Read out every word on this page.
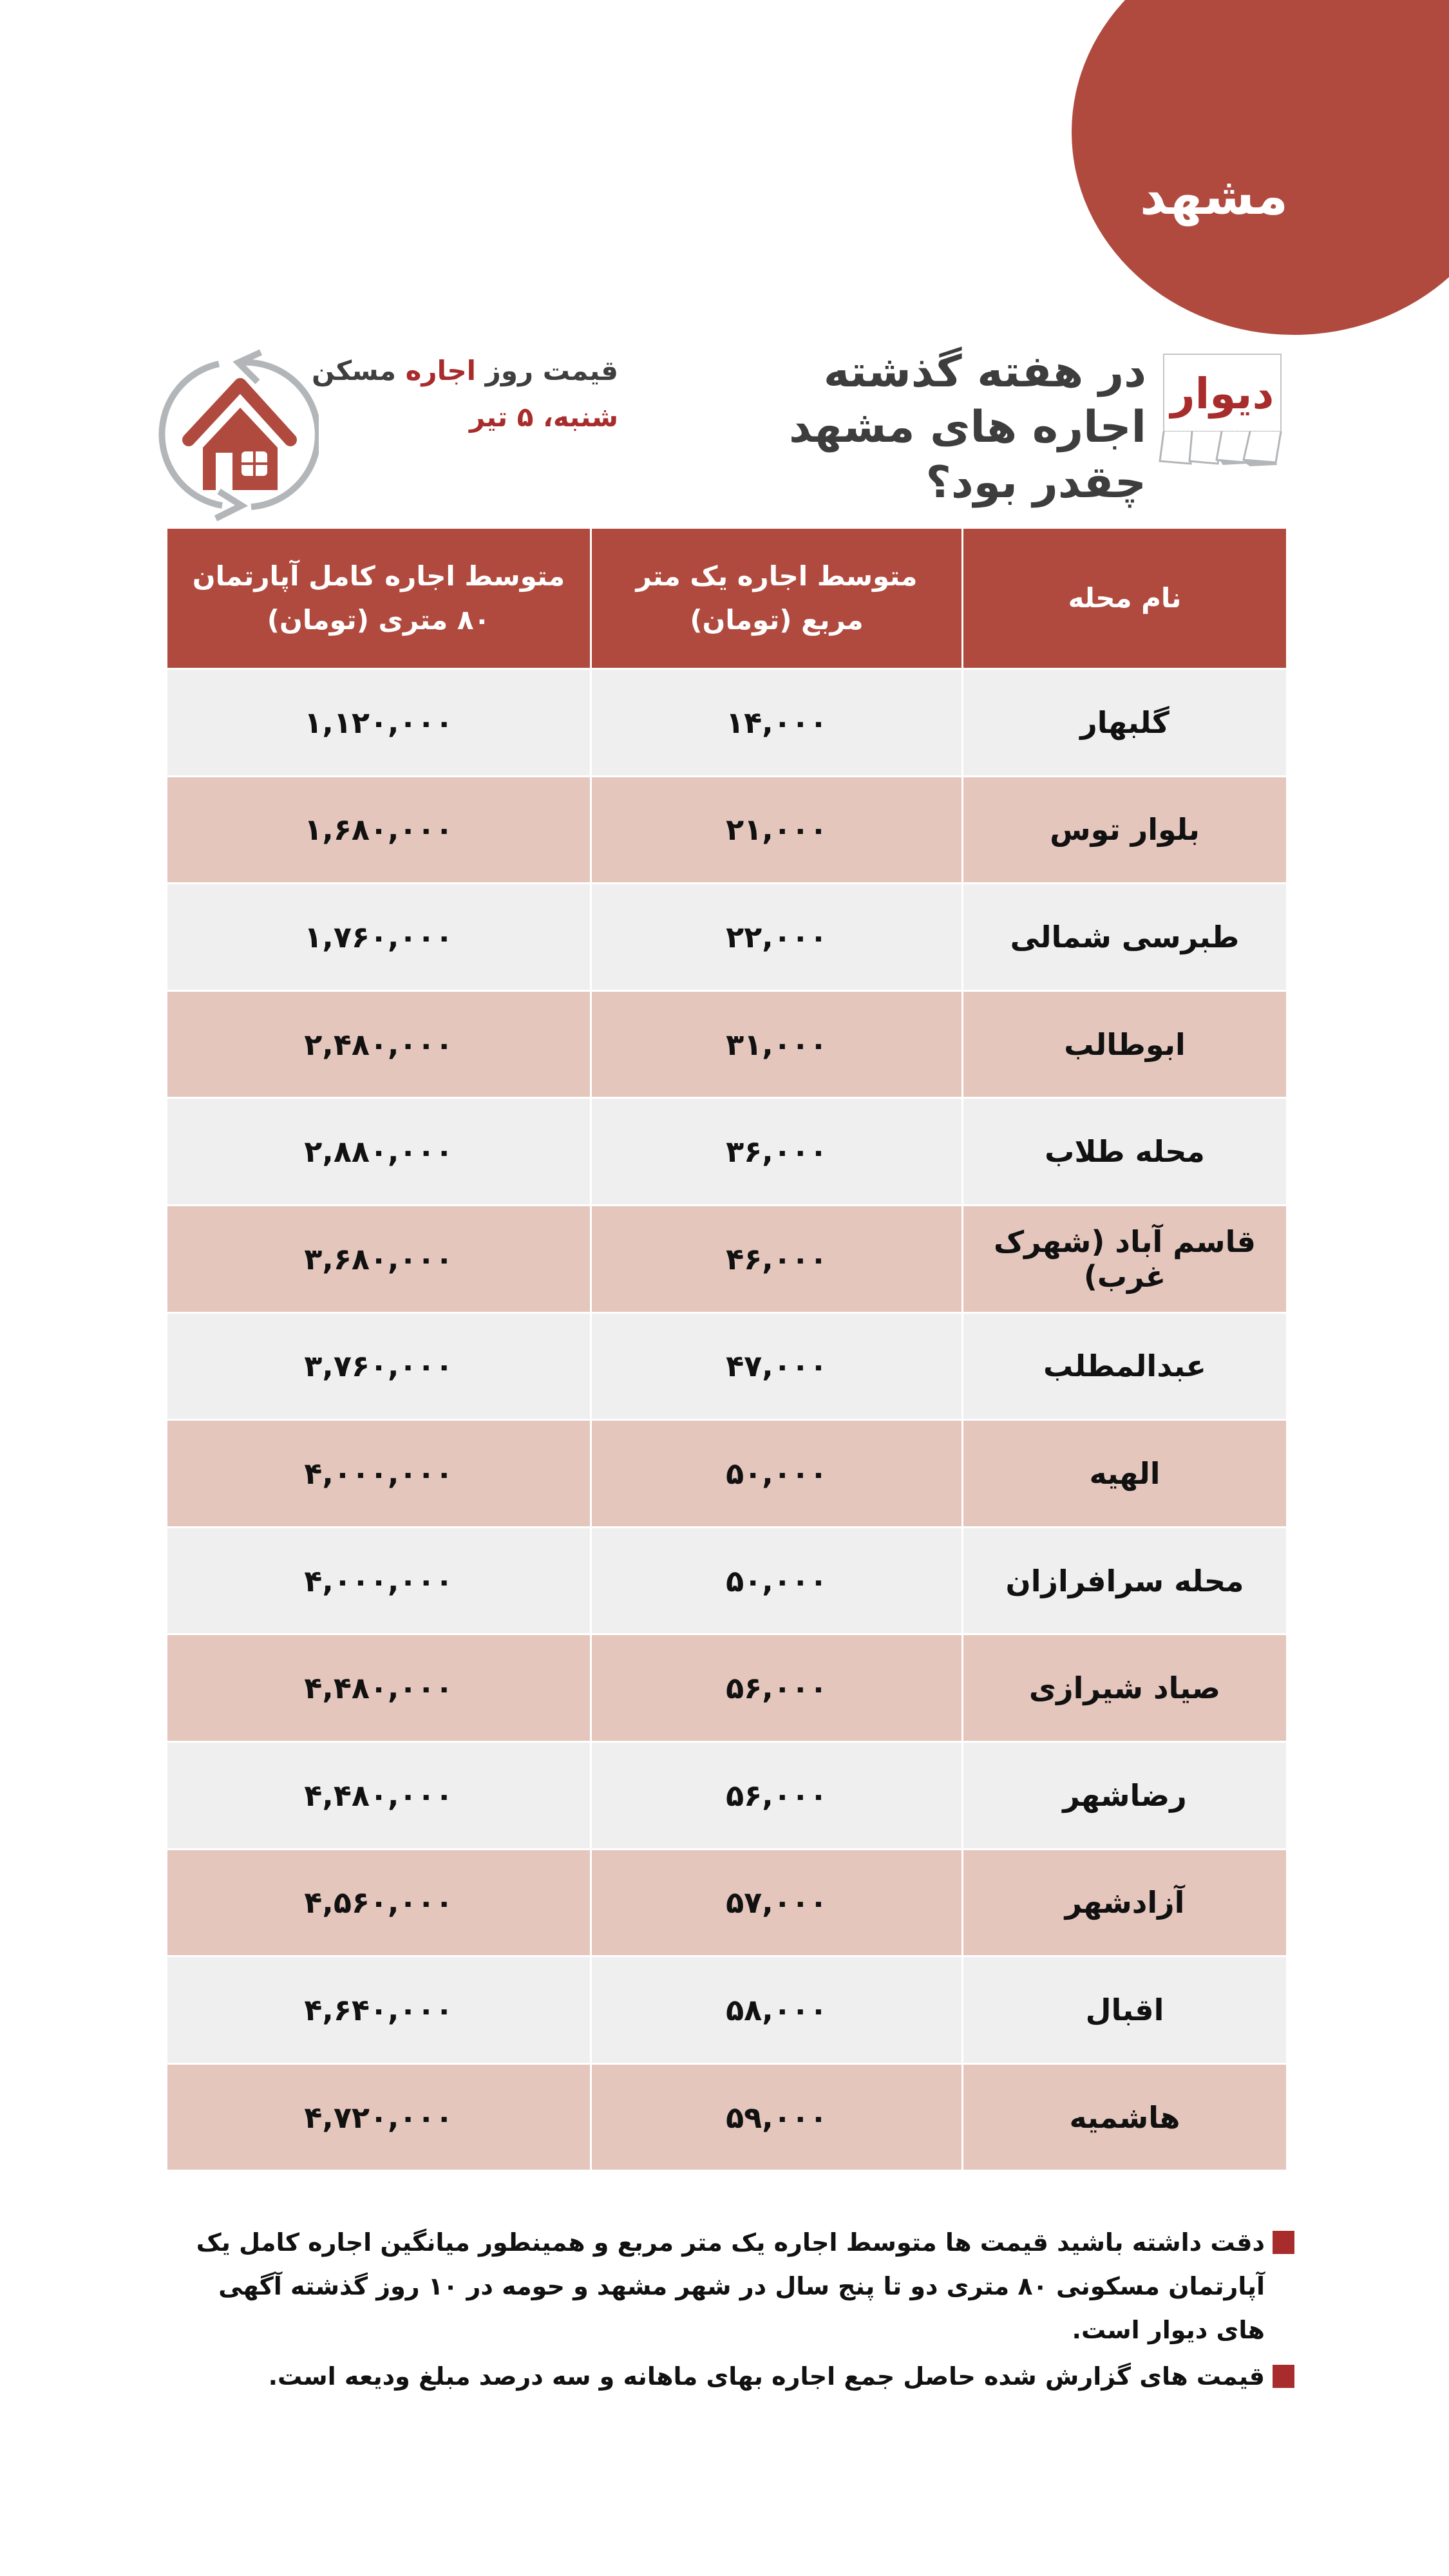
مشهد
دیوار
در هفته گذشته
اجاره های مشهد
چقدر بود؟
قیمت روز اجاره مسکن
شنبه، ۵ تیر
نام محله
متوسط اجاره یک متر مربع (تومان)
متوسط اجاره کامل آپارتمان ۸۰ متری (تومان)
گلبهار
۱۴,۰۰۰
۱,۱۲۰,۰۰۰
بلوار توس
۲۱,۰۰۰
۱,۶۸۰,۰۰۰
طبرسی شمالی
۲۲,۰۰۰
۱,۷۶۰,۰۰۰
ابوطالب
۳۱,۰۰۰
۲,۴۸۰,۰۰۰
محله طلاب
۳۶,۰۰۰
۲,۸۸۰,۰۰۰
قاسم آباد (شهرک غرب)
۴۶,۰۰۰
۳,۶۸۰,۰۰۰
عبدالمطلب
۴۷,۰۰۰
۳,۷۶۰,۰۰۰
الهیه
۵۰,۰۰۰
۴,۰۰۰,۰۰۰
محله سرافرازان
۵۰,۰۰۰
۴,۰۰۰,۰۰۰
صیاد شیرازی
۵۶,۰۰۰
۴,۴۸۰,۰۰۰
رضاشهر
۵۶,۰۰۰
۴,۴۸۰,۰۰۰
آزادشهر
۵۷,۰۰۰
۴,۵۶۰,۰۰۰
اقبال
۵۸,۰۰۰
۴,۶۴۰,۰۰۰
هاشمیه
۵۹,۰۰۰
۴,۷۲۰,۰۰۰
دقت داشته باشید قیمت ها متوسط اجاره یک متر مربع و همینطور میانگین اجاره کامل یک آپارتمان مسکونی ۸۰ متری دو تا پنج سال در شهر مشهد و حومه در ۱۰ روز گذشته آگهی های دیوار است.
قیمت های گزارش شده حاصل جمع اجاره بهای ماهانه و سه درصد مبلغ ودیعه است.
